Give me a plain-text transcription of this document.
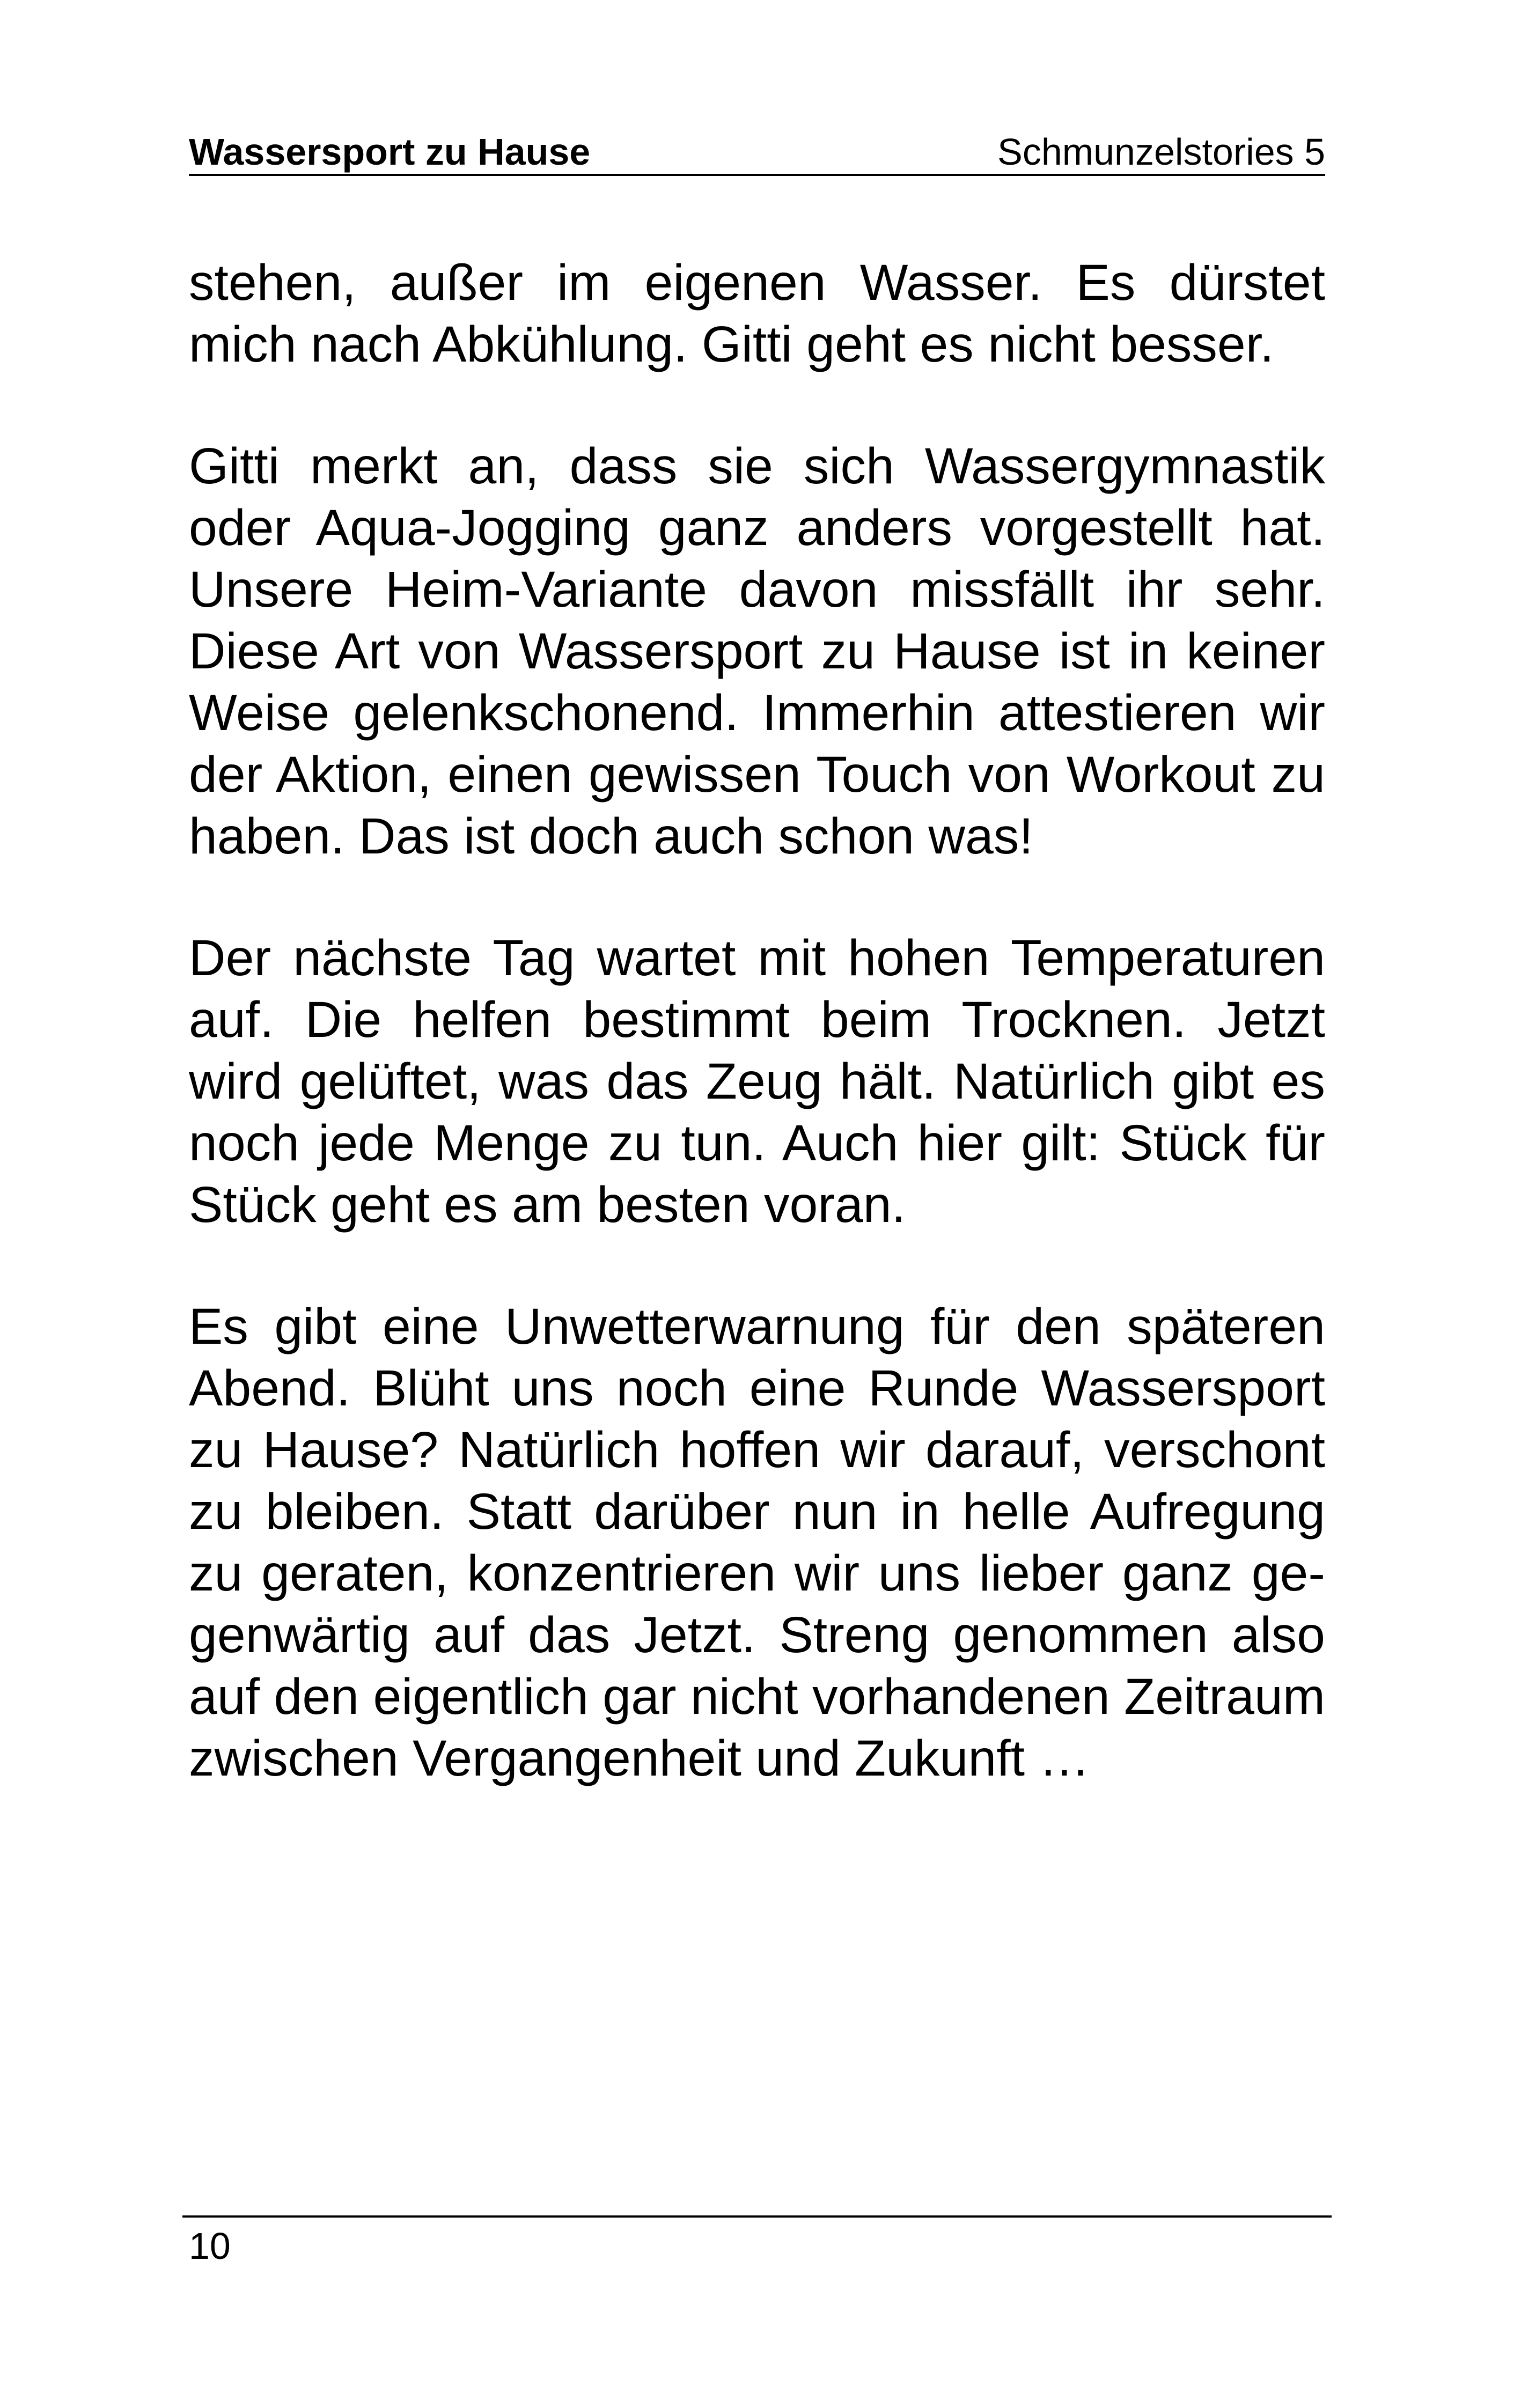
Wassersport zu Hause	Schmunzelstories 5

stehen, außer im eigenen Wasser. Es dürstet mich nach Abkühlung. Gitti geht es nicht besser.

Gitti merkt an, dass sie sich Wassergymnastik oder Aqua-Jogging ganz anders vorgestellt hat. Unsere Heim-Variante davon missfällt ihr sehr. Diese Art von Wassersport zu Hause ist in keiner Weise gelenkschonend. Immerhin attestieren wir der Aktion, einen gewissen Touch von Workout zu haben. Das ist doch auch schon was!

Der nächste Tag wartet mit hohen Temperaturen auf. Die helfen bestimmt beim Trocknen. Jetzt wird gelüftet, was das Zeug hält. Natürlich gibt es noch jede Menge zu tun. Auch hier gilt: Stück für Stück geht es am besten voran.

Es gibt eine Unwetterwarnung für den späteren Abend. Blüht uns noch eine Runde Wassersport zu Hause? Natürlich hoffen wir darauf, verschont zu bleiben. Statt darüber nun in helle Aufregung zu geraten, konzentrieren wir uns lieber ganz gegenwärtig auf das Jetzt. Streng genommen also auf den eigentlich gar nicht vorhandenen Zeitraum zwischen Vergangenheit und Zukunft …

10
